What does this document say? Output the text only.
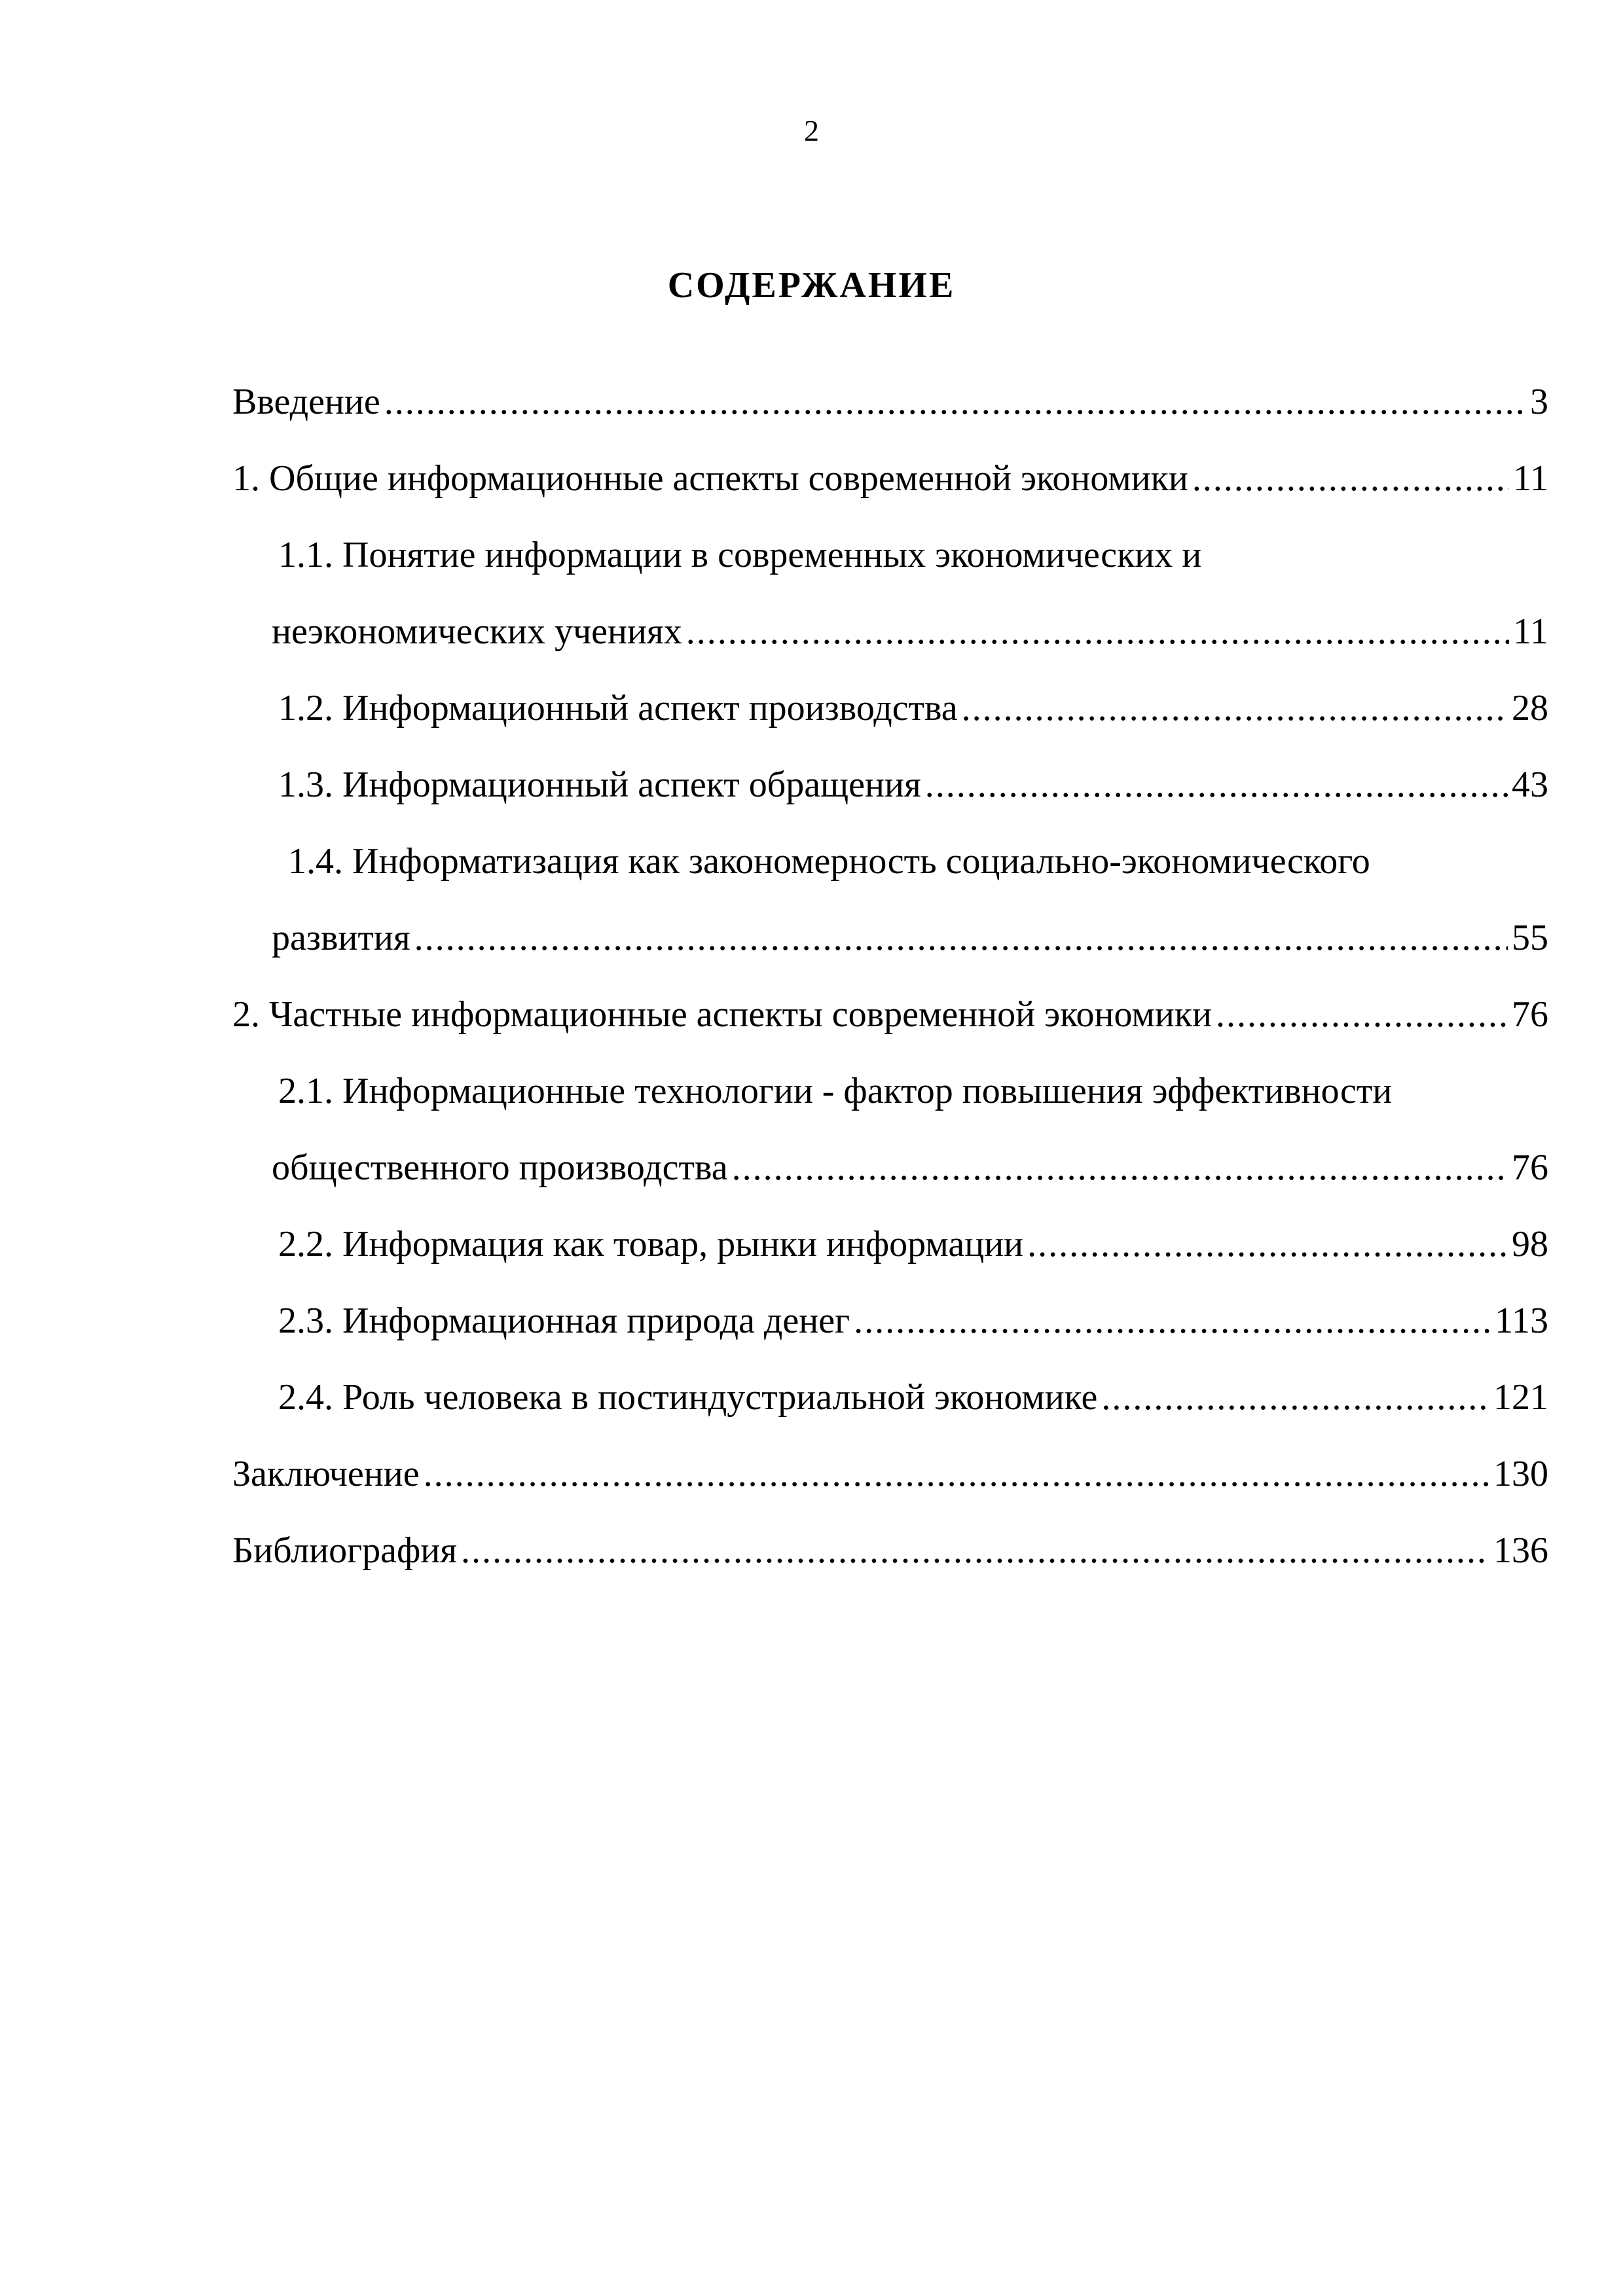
2
СОДЕРЖАНИЕ
Введение .....	3
1. Общие информационные аспекты современной экономики .....	11
1.1. Понятие информации в современных экономических и
неэкономических учениях .....	11
1.2. Информационный аспект производства .....	28
1.3. Информационный аспект обращения .....	43
1.4. Информатизация как закономерность социально-экономического
развития .....	55
2. Частные информационные аспекты современной экономики .....	76
2.1. Информационные технологии - фактор повышения эффективности
общественного производства .....	76
2.2. Информация как товар, рынки информации .....	98
2.3. Информационная природа денег .....	113
2.4. Роль человека в постиндустриальной экономике .....	121
Заключение .....	130
Библиография .....	136
